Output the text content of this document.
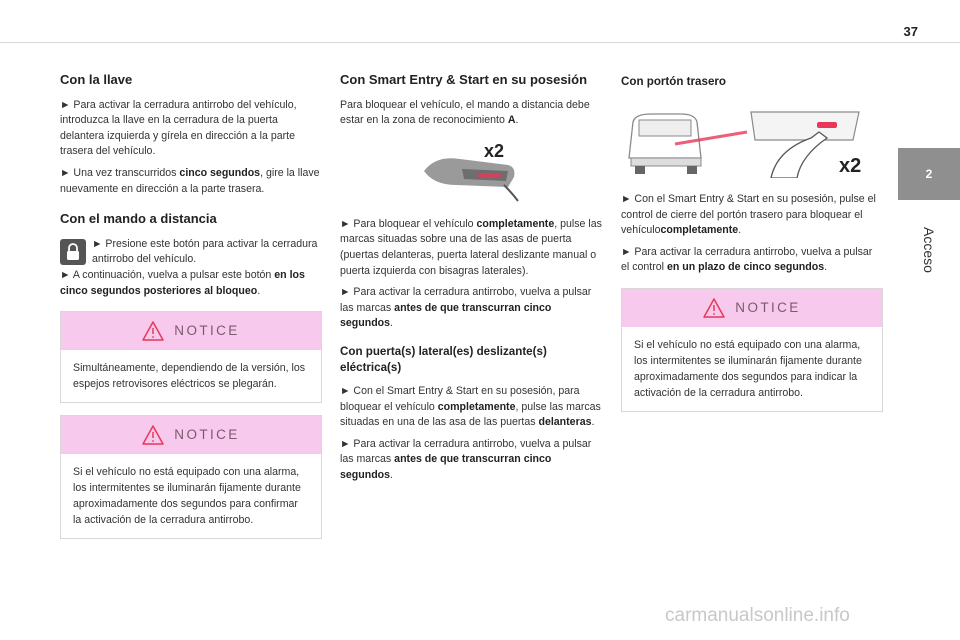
37
Con la llave

► Para activar la cerradura antirrobo del vehículo, introduzca la llave en la cerradura de la puerta delantera izquierda y gírela en dirección a la parte trasera del vehículo.

► Una vez transcurridos cinco segundos, gire la llave nuevamente en dirección a la parte trasera.

Con el mando a distancia

► Presione este botón para activar la cerradura antirrobo del vehículo.

► A continuación, vuelva a pulsar este botón en los cinco segundos posteriores al bloqueo.

NOTICE
Simultáneamente, dependiendo de la versión, los espejos retrovisores eléctricos se plegarán.
NOTICE
Si el vehículo no está equipado con una alarma, los intermitentes se iluminarán fijamente durante aproximadamente dos segundos para confirmar la activación de la cerradura antirrobo.
Con Smart Entry & Start en su posesión

Para bloquear el vehículo, el mando a distancia debe estar en la zona de reconocimiento A.

x2

► Para bloquear el vehículo completamente, pulse las marcas situadas sobre una de las asas de puerta (puertas delanteras, puerta lateral deslizante manual o puerta izquierda con bisagras laterales).

► Para activar la cerradura antirrobo, vuelva a pulsar las marcas antes de que transcurran cinco segundos.

Con puerta(s) lateral(es) deslizante(s) eléctrica(s)

► Con el Smart Entry & Start en su posesión, para bloquear el vehículo completamente, pulse las marcas situadas en una de las asa de las puertas delanteras.

► Para activar la cerradura antirrobo, vuelva a pulsar las marcas antes de que transcurran cinco segundos.

Con portón trasero
x2

► Con el Smart Entry & Start en su posesión, pulse el control de cierre del portón trasero para bloquear el vehículocompletamente.

► Para activar la cerradura antirrobo, vuelva a pulsar el control en un plazo de cinco segundos.

NOTICE
Si el vehículo no está equipado con una alarma, los intermitentes se iluminarán fijamente durante aproximadamente dos segundos para indicar la activación de la cerradura antirrobo.
2
Acceso
carmanualsonline.info
